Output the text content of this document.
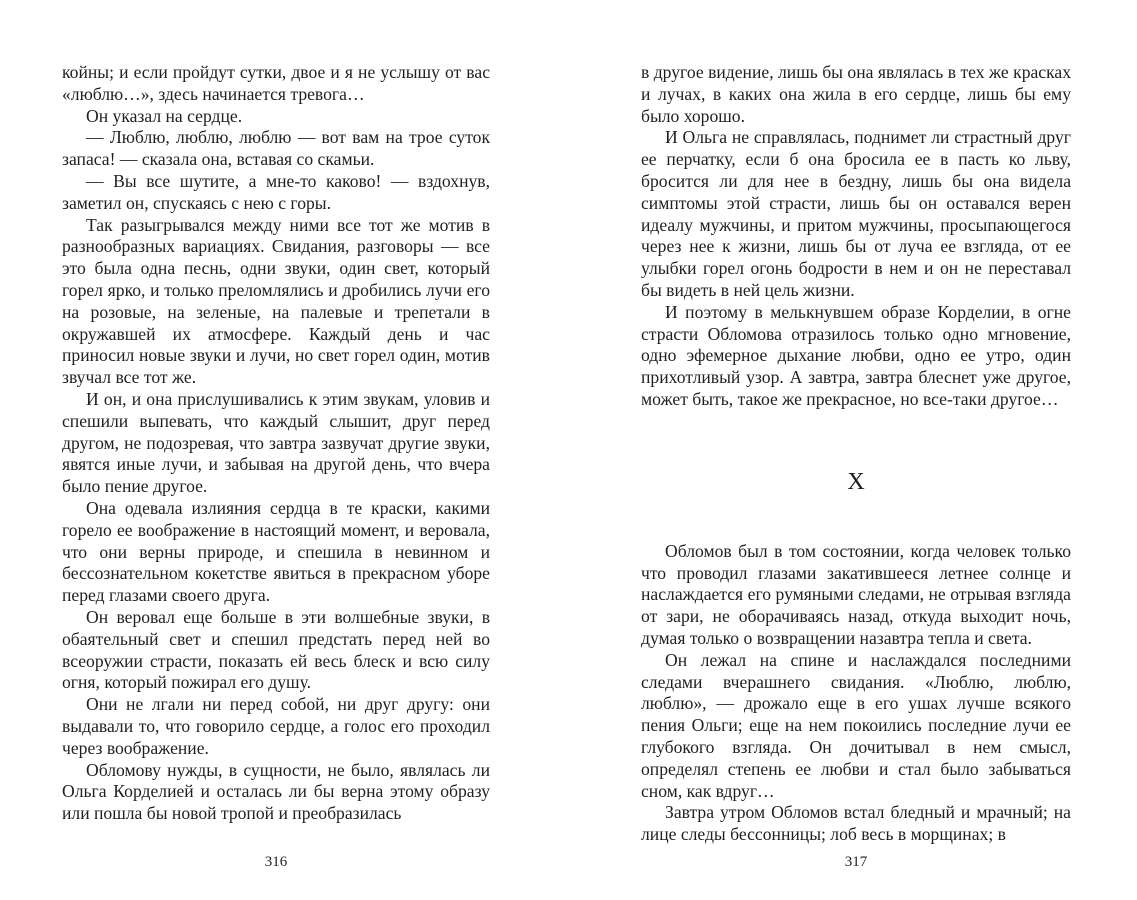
койны; и если пройдут сутки, двое и я не услышу от вас «люблю…», здесь начинается тревога…

Он указал на сердце.

— Люблю, люблю, люблю — вот вам на трое суток запаса! — сказала она, вставая со скамьи.

— Вы все шутите, а мне-то каково! — вздохнув, заметил он, спускаясь с нею с горы.

Так разыгрывался между ними все тот же мотив в разнообразных вариациях. Свидания, разговоры — все это была одна песнь, одни звуки, один свет, который горел ярко, и только преломлялись и дробились лучи его на розовые, на зеленые, на палевые и трепетали в окружавшей их атмосфере. Каждый день и час приносил новые звуки и лучи, но свет горел один, мотив звучал все тот же.

И он, и она прислушивались к этим звукам, уловив и спешили выпевать, что каждый слышит, друг перед другом, не подозревая, что завтра зазвучат другие звуки, явятся иные лучи, и забывая на другой день, что вчера было пение другое.

Она одевала излияния сердца в те краски, какими горело ее воображение в настоящий момент, и веровала, что они верны природе, и спешила в невинном и бессознательном кокетстве явиться в прекрасном уборе перед глазами своего друга.

Он веровал еще больше в эти волшебные звуки, в обаятельный свет и спешил предстать перед ней во всеоружии страсти, показать ей весь блеск и всю силу огня, который пожирал его душу.

Они не лгали ни перед собой, ни друг другу: они выдавали то, что говорило сердце, а голос его проходил через воображение.

Обломову нужды, в сущности, не было, являлась ли Ольга Корделией и осталась ли бы верна этому образу или пошла бы новой тропой и преобразилась

316

в другое видение, лишь бы она являлась в тех же красках и лучах, в каких она жила в его сердце, лишь бы ему было хорошо.

И Ольга не справлялась, поднимет ли страстный друг ее перчатку, если б она бросила ее в пасть ко льву, бросится ли для нее в бездну, лишь бы она видела симптомы этой страсти, лишь бы он оставался верен идеалу мужчины, и притом мужчины, просыпающегося через нее к жизни, лишь бы от луча ее взгляда, от ее улыбки горел огонь бодрости в нем и он не переставал бы видеть в ней цель жизни.

И поэтому в мелькнувшем образе Корделии, в огне страсти Обломова отразилось только одно мгновение, одно эфемерное дыхание любви, одно ее утро, один прихотливый узор. А завтра, завтра блеснет уже другое, может быть, такое же прекрасное, но все-таки другое…

X

Обломов был в том состоянии, когда человек только что проводил глазами закатившееся летнее солнце и наслаждается его румяными следами, не отрывая взгляда от зари, не оборачиваясь назад, откуда выходит ночь, думая только о возвращении назавтра тепла и света.

Он лежал на спине и наслаждался последними следами вчерашнего свидания. «Люблю, люблю, люблю», — дрожало еще в его ушах лучше всякого пения Ольги; еще на нем покоились последние лучи ее глубокого взгляда. Он дочитывал в нем смысл, определял степень ее любви и стал было забываться сном, как вдруг…

Завтра утром Обломов встал бледный и мрачный; на лице следы бессонницы; лоб весь в морщинах; в

317
